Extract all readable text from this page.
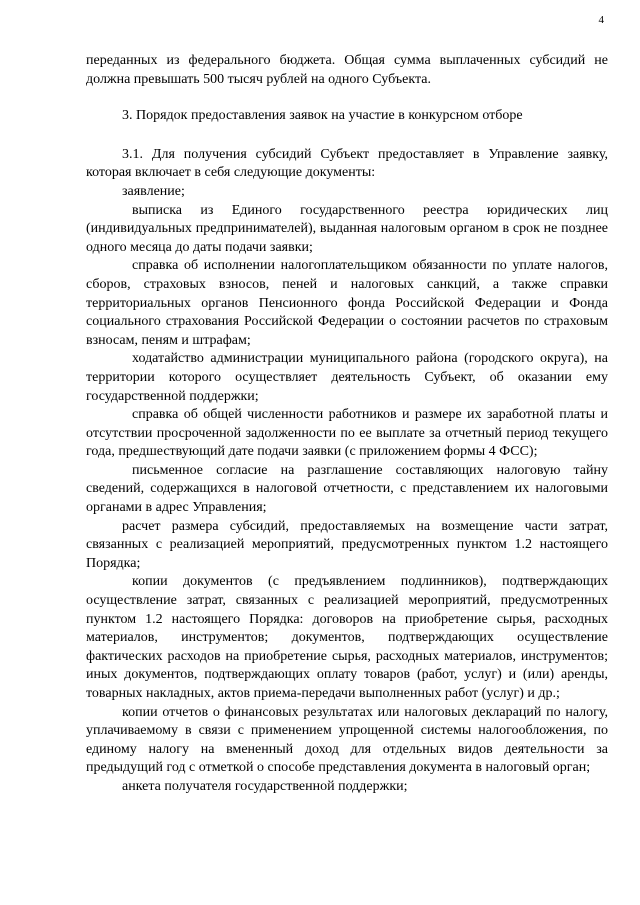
4

переданных из федерального бюджета. Общая сумма выплаченных субсидий не должна превышать 500 тысяч рублей на одного Субъекта.

3. Порядок предоставления заявок на участие в конкурсном отборе

3.1. Для получения субсидий Субъект предоставляет в Управление заявку, которая включает в себя следующие документы:

заявление;

выписка из Единого государственного реестра юридических лиц (индивидуальных предпринимателей), выданная налоговым органом в срок не позднее одного месяца до даты подачи заявки;

справка об исполнении налогоплательщиком обязанности по уплате налогов, сборов, страховых взносов, пеней и налоговых санкций, а также справки территориальных органов Пенсионного фонда Российской Федерации и Фонда социального страхования Российской Федерации о состоянии расчетов по страховым взносам, пеням и штрафам;

ходатайство администрации муниципального района (городского округа), на территории которого осуществляет деятельность Субъект, об оказании ему государственной поддержки;

справка об общей численности работников и размере их заработной платы и отсутствии просроченной задолженности по ее выплате за отчетный период текущего года, предшествующий дате подачи заявки (с приложением формы 4 ФСС);

письменное согласие на разглашение составляющих налоговую тайну сведений, содержащихся в налоговой отчетности, с представлением их налоговыми органами в адрес Управления;

расчет размера субсидий, предоставляемых на возмещение части затрат, связанных с реализацией мероприятий, предусмотренных пунктом 1.2 настоящего Порядка;

копии документов (с предъявлением подлинников), подтверждающих осуществление затрат, связанных с реализацией мероприятий, предусмотренных пунктом 1.2 настоящего Порядка: договоров на приобретение сырья, расходных материалов, инструментов; документов, подтверждающих осуществление фактических расходов на приобретение сырья, расходных материалов, инструментов; иных документов, подтверждающих оплату товаров (работ, услуг) и (или) аренды, товарных накладных, актов приема-передачи выполненных работ (услуг) и др.;

копии отчетов о финансовых результатах или налоговых деклараций по налогу, уплачиваемому в связи с применением упрощенной системы налогообложения, по единому налогу на вмененный доход для отдельных видов деятельности за предыдущий год с отметкой о способе представления документа в налоговый орган;

анкета получателя государственной поддержки;
